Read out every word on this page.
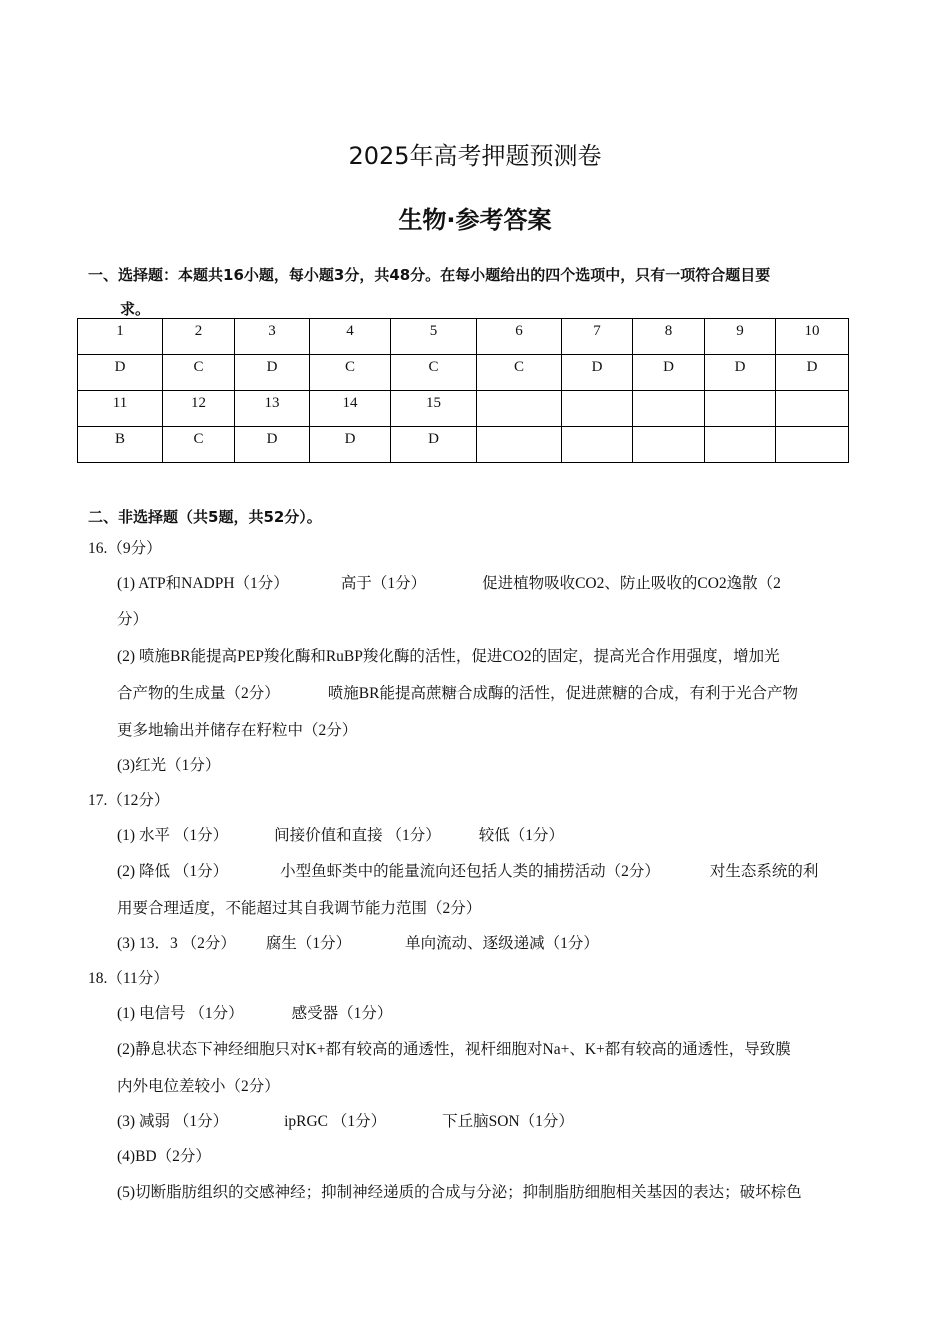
2025年高考押题预测卷
生物·参考答案
一、选择题：本题共16小题，每小题3分，共48分。在每小题给出的四个选项中，只有一项符合题目要
求。
1	2	3	4	5	6	7	8	9	10
D	C	D	C	C	C	D	D	D	D
11	12	13	14	15					
B	C	D	D	D					
二、非选择题（共5题，共52分）。
16.（9分）
(1) ATP和NADPH（1分）	高于（1分）	促进植物吸收CO2、防止吸收的CO2逸散（2
分）
(2) 喷施BR能提高PEP羧化酶和RuBP羧化酶的活性，促进CO2的固定，提高光合作用强度，增加光
合产物的生成量（2分）	喷施BR能提高蔗糖合成酶的活性，促进蔗糖的合成，有利于光合产物
更多地输出并储存在籽粒中（2分）
(3)红光（1分）
17.（12分）
(1) 水平 （1分）	间接价值和直接 （1分） 较低（1分）
(2) 降低 （1分）	小型鱼虾类中的能量流向还包括人类的捕捞活动（2分）	对生态系统的利
用要合理适度，不能超过其自我调节能力范围（2分）
(3) 13．3 （2分） 腐生（1分）	单向流动、逐级递减（1分）
18.（11分）
(1) 电信号 （1分）	感受器（1分）
(2)静息状态下神经细胞只对K+都有较高的通透性，视杆细胞对Na+、K+都有较高的通透性，导致膜
内外电位差较小（2分）
(3) 减弱 （1分）	ipRGC （1分）	下丘脑SON（1分）
(4)BD（2分）
(5)切断脂肪组织的交感神经；抑制神经递质的合成与分泌；抑制脂肪细胞相关基因的表达；破坏棕色
